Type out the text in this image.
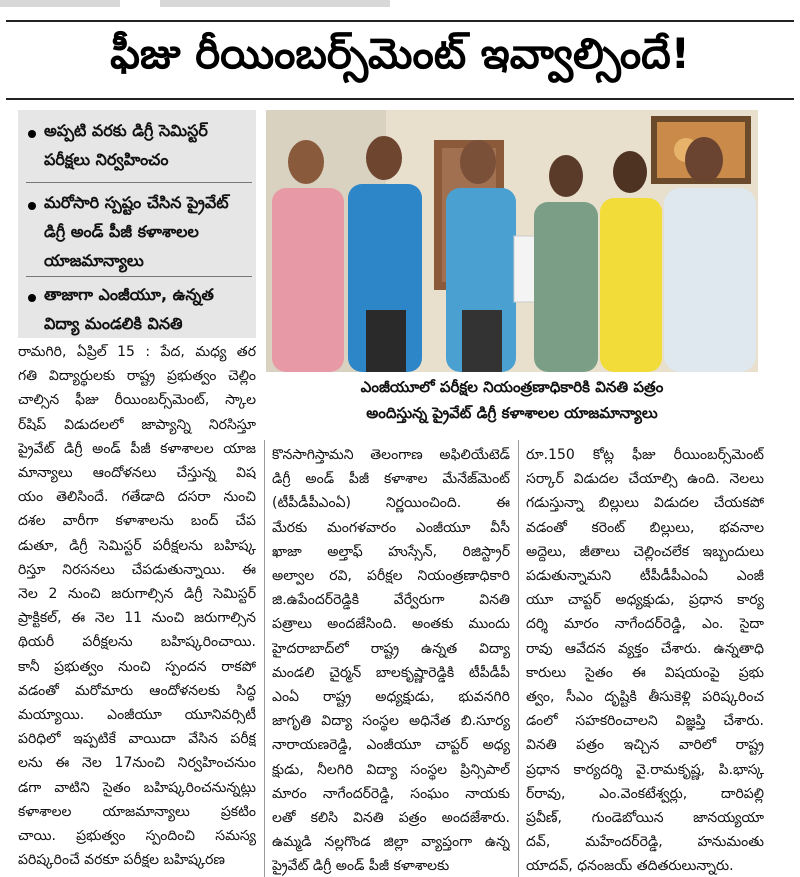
ఫీజు రీయింబర్స్‌మెంట్ ఇవ్వాల్సిందే!
అప్పటి వరకు డిగ్రీ సెమిస్టర్ పరీక్షలు నిర్వహించం
మరోసారి స్పష్టం చేసిన ప్రైవేట్ డిగ్రీ అండ్ పీజీ కళాశాలల యాజమాన్యాలు
తాజాగా ఎంజీయూ, ఉన్నత విద్యా మండలికి వినతి
ఎంజీయూలో పరీక్షల నియంత్రణాధికారికి వినతి పత్రం
అందిస్తున్న ప్రైవేట్ డిగ్రీ కళాశాలల యాజమాన్యాలు
రామగిరి, ఏప్రిల్ 15 : పేద, మధ్య తర
గతి విద్యార్థులకు రాష్ట్ర ప్రభుత్వం చెల్లిం
చాల్సిన ఫీజు రీయింబర్స్‌మెంట్, స్కాల
ర్‌షిప్ విడుదలలో జాప్యాన్ని నిరసిస్తూ
ప్రైవేట్ డిగ్రీ అండ్ పీజీ కళాశాలల యాజ
మాన్యాలు ఆందోళనలు చేస్తున్న విష
యం తెలిసిందే. గతేడాది దసరా నుంచి
దశల వారీగా కళాశాలను బంద్ చేప
డుతూ, డిగ్రీ సెమిస్టర్ పరీక్షలను బహిష్క
రిస్తూ నిరసనలు చేపడుతున్నాయి. ఈ
నెల 2 నుంచి జరుగాల్సిన డిగ్రీ సెమిస్టర్
ప్రాక్టికల్, ఈ నెల 11 నుంచి జరుగాల్సిన
థియరీ పరీక్షలను బహిష్కరించాయి.
కానీ ప్రభుత్వం నుంచి స్పందన రాకపో
వడంతో మరోమారు ఆందోళనలకు సిద్ధ
మయ్యాయి. ఎంజీయూ యూనివర్సిటీ
పరిధిలో ఇప్పటికే వాయిదా వేసిన పరీక్ష
లను ఈ నెల 17నుంచి నిర్వహించనుం
డగా వాటిని సైతం బహిష్కరించనున్నట్లు
కళాశాలల యాజమాన్యాలు ప్రకటిం
చాయి. ప్రభుత్వం స్పందించి సమస్య
పరిష్కరించే వరకూ పరీక్షల బహిష్కరణ
కొనసాగిస్తామని తెలంగాణ అఫిలియేటెడ్
డిగ్రీ అండ్ పీజీ కళాశాల మేనేజ్‌మెంట్
(టీపీడీపీఎంఏ) నిర్ణయించింది. ఈ
మేరకు మంగళవారం ఎంజీయూ వీసీ
ఖాజా అల్తాఫ్ హుస్సేన్, రిజిస్ట్రార్
అల్వాల రవి, పరీక్షల నియంత్రణాధికారి
జి.ఉపేందర్‌రెడ్డికి వేర్వేరుగా వినతి
పత్రాలు అందజేసింది. అంతకు ముందు
హైదరాబాద్‌లో రాష్ట్ర ఉన్నత విద్యా
మండలి చైర్మన్ బాలకృష్ణారెడ్డికి టీపీడీపీ
ఎంఏ రాష్ట్ర అధ్యక్షుడు, భువనగిరి
జాగృతి విద్యా సంస్థల అధినేత బి.సూర్య
నారాయణరెడ్డి, ఎంజీయూ చాప్టర్ అధ్య
క్షుడు, నీలగిరి విద్యా సంస్థల ప్రిన్సిపాల్
మారం నాగేందర్‌రెడ్డి, సంఘం నాయకు
లతో కలిసి వినతి పత్రం అందజేశారు.
ఉమ్మడి నల్లగొండ జిల్లా వ్యాప్తంగా ఉన్న
ప్రైవేట్ డిగ్రీ అండ్ పీజీ కళాశాలకు
రూ.150 కోట్ల ఫీజు రీయింబర్స్‌మెంట్
సర్కార్ విడుదల చేయాల్సి ఉంది. నెలలు
గడుస్తున్నా బిల్లులు విడుదల చేయకపో
వడంతో కరెంట్ బిల్లులు, భవనాల
అద్దెలు, జీతాలు చెల్లించలేక ఇబ్బందులు
పడుతున్నామని టీపీడీపీఎంఏ ఎంజీ
యూ చాప్టర్ అధ్యక్షుడు, ప్రధాన కార్య
దర్శి మారం నాగేందర్‌రెడ్డి, ఎం. సైదా
రావు ఆవేదన వ్యక్తం చేశారు. ఉన్నతాధి
కారులు సైతం ఈ విషయంపై ప్రభు
త్వం, సీఎం దృష్టికి తీసుకెళ్లి పరిష్కరించ
డంలో సహకరించాలని విజ్ఞప్తి చేశారు.
వినతి పత్రం ఇచ్చిన వారిలో రాష్ట్ర
ప్రధాన కార్యదర్శి వై.రామకృష్ణ, పి.భాస్క
ర్‌రావు, ఎం.వెంకటేశ్వర్లు, దారిపల్లి
ప్రవీణ్, గుండెబోయిన జానయ్యయా
దవ్, మహేందర్‌రెడ్డి, హనుమంతు
యాదవ్, ధనంజయ్ తదితరులున్నారు.
